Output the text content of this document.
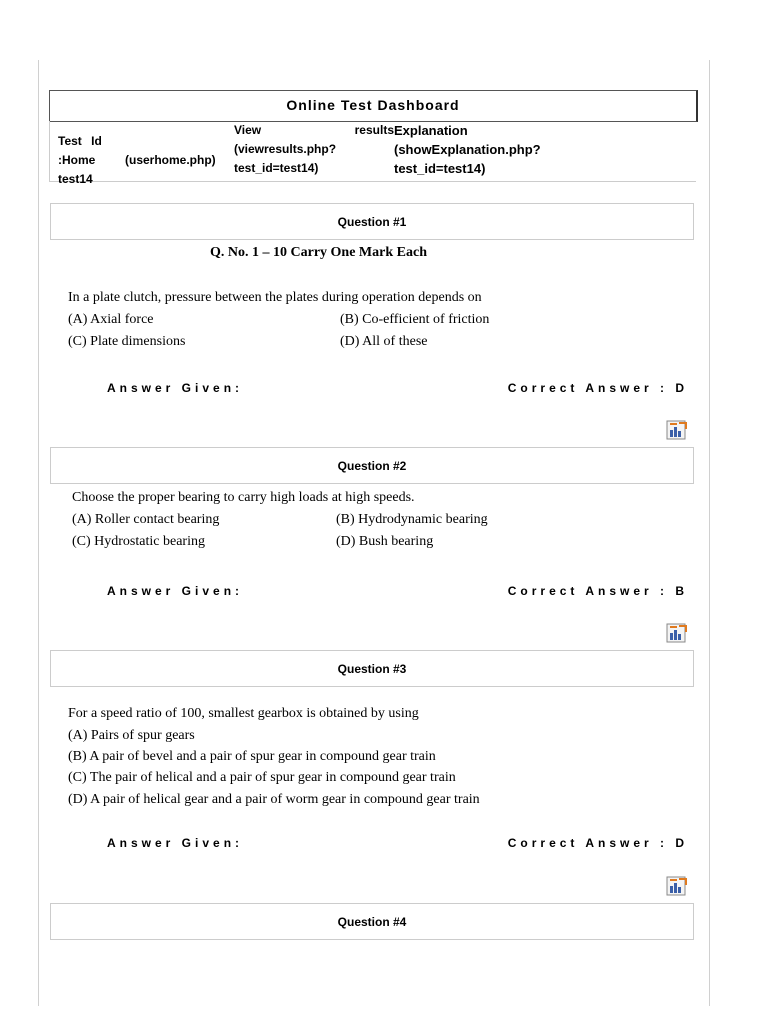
Online Test Dashboard
Test Id :Home
test14
(userhome.php)
View	results
(viewresults.php?
test_id=test14)
Explanation
(showExplanation.php?
test_id=test14)
Question #1
Q. No. 1 – 10 Carry One Mark Each
In a plate clutch, pressure between the plates during operation depends on
(A) Axial force	(B) Co-efficient of friction
(C) Plate dimensions	(D) All of these
Answer Given:	Correct Answer : D
Question #2
Choose the proper bearing to carry high loads at high speeds.
(A) Roller contact bearing	(B) Hydrodynamic bearing
(C) Hydrostatic bearing	(D) Bush bearing
Answer Given:	Correct Answer : B
Question #3
For a speed ratio of 100, smallest gearbox is obtained by using
(A) Pairs of spur gears
(B) A pair of bevel and a pair of spur gear in compound gear train
(C) The pair of helical and a pair of spur gear in compound gear train
(D) A pair of helical gear and a pair of worm gear in compound gear train
Answer Given:	Correct Answer : D
Question #4
